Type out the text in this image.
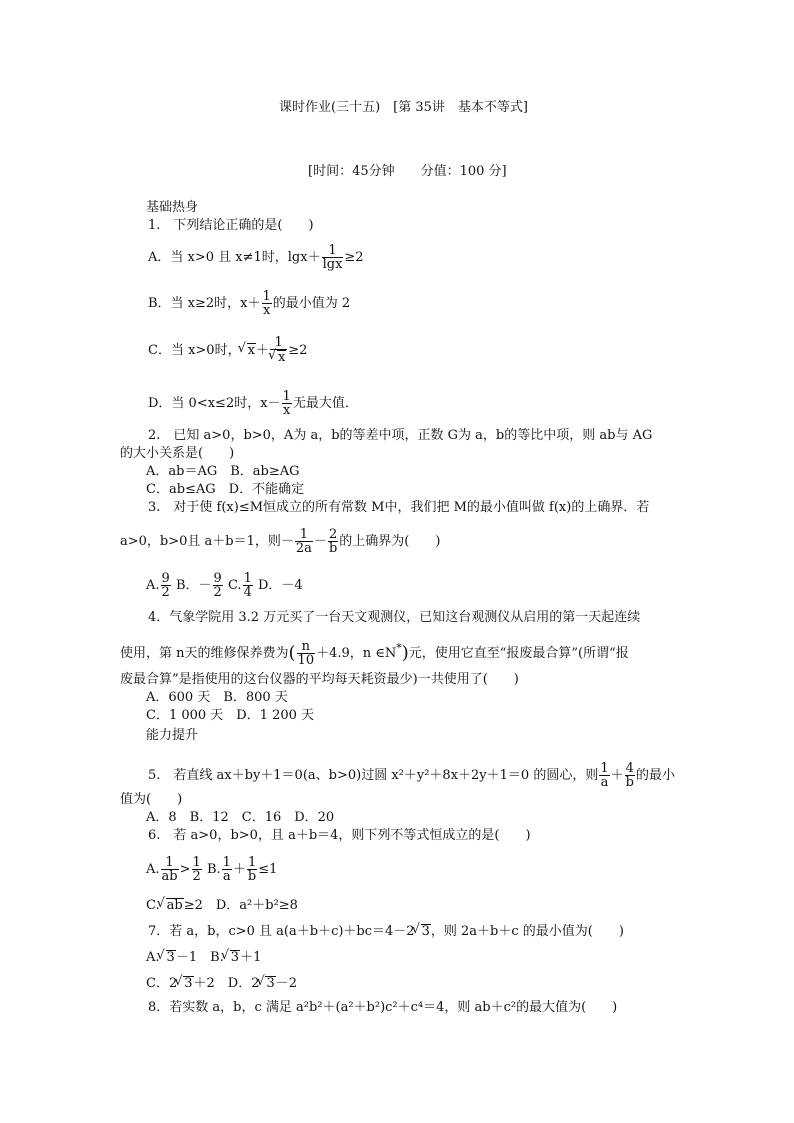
课时作业(三十五)　[第 35讲　基本不等式]
[时间：45分钟　　分值：100 分]
基础热身
1.　下列结论正确的是(　　)
A．当 x>0 且 x≠1时，$\lg x+ \frac{1}{\lg x} \ge 2$
B．当 x≥2时，$x+ \frac{1}{x}$ 的最小值为 2
C．当 x>0时， √ x＋ 1
√ x ≥2
D．当 0<x≤2时，$x- \frac{1}{x}$ 无最大值．
2.　已知 a>0，b>0，A为 a，b的等差中项，正数 G为 a，b的等比中项，则 ab与 AG
的大小关系是(　　)
A．ab＝AG　B．ab≥AG
C．ab≤AG　D．不能确定
3.　对于使 f(x)≤M恒成立的所有常数 M中，我们把 M的最小值叫做 f(x)的上确界．若
a>0，b>0且 a＋b＝1，则－ $\frac{1}{2a} - \frac{2}{b}$ 的上确界为(　　)
A. $\frac{9}{2}$ B．－ $\frac{9}{2} C$. $\frac{1}{4}$ D．－4
4．气象学院用 3.2 万元买了一台天文观测仪，已知这台观测仪从启用的第一天起连续
使用，第 n天的维修保养费为( $\frac{n}{10} +4.9$，n ∈N*)元，使用它直至“报废最合算”(所谓“报
废最合算”是指使用的这台仪器的平均每天耗资最少)一共使用了(　　)
A．600 天　B．800 天
C．1 000 天　D．1 200 天
能力提升
5.　若直线 ax＋by＋1＝0(a、b>0)过圆 x²＋y²＋8x＋2y＋1＝0 的圆心，则 $\frac{1}{a} + \frac{4}{b}$ 的最小
值为(　　)
A．8　B．12　C．16　D．20
6.　若 a>0，b>0，且 a＋b＝4，则下列不等式恒成立的是(　　)
A. $\frac{1}{ab} > \frac{1}{2} B$. $\frac{1}{a} + \frac{1}{b} \le 1$
C. √ ab≥2　D．a²＋b²≥8
7．若 a，b，c>0 且 a(a＋b＋c)＋bc＝4－2 √ 3，则 2a＋b＋c 的最小值为(　　)
A. √ 3－1　B. √ 3＋1
C．2 √ 3＋2　D．2 √ 3－2
8．若实数 a，b，c 满足 a²b²＋(a²＋b²)c²＋c⁴＝4，则 ab＋c²的最大值为(　　)
